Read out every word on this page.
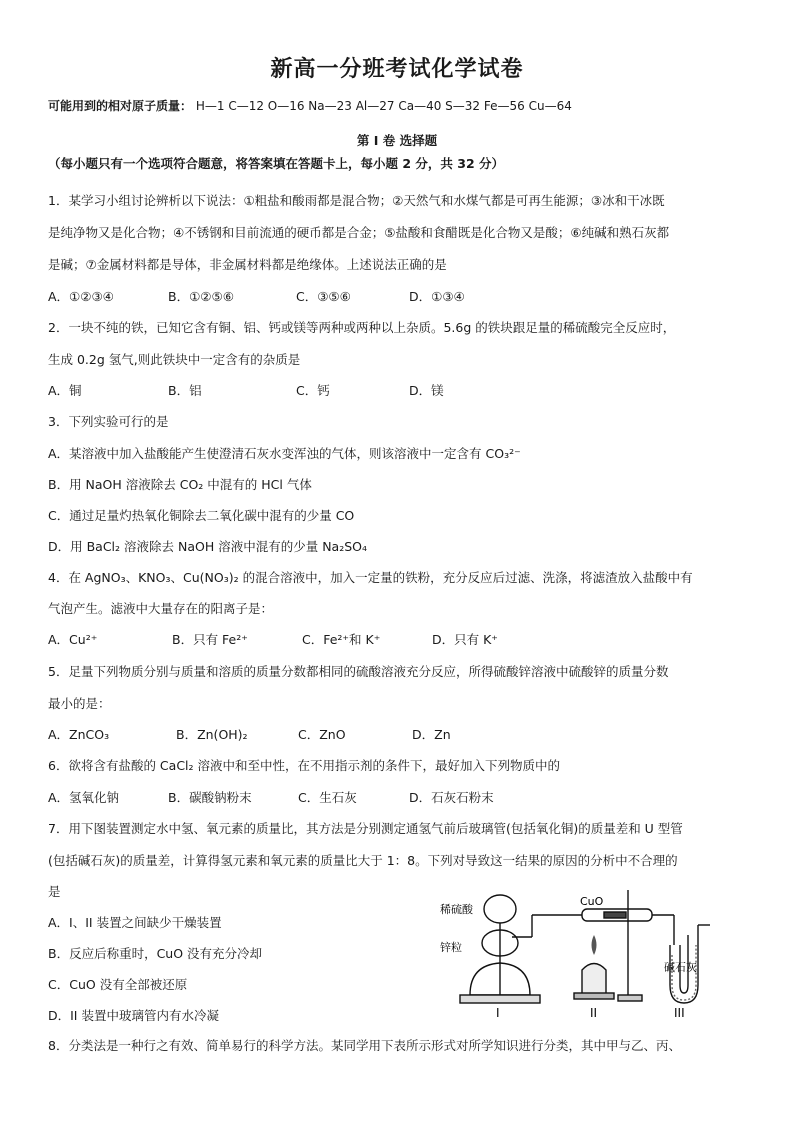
新高一分班考试化学试卷
可能用到的相对原子质量： H—1 C—12 O—16 Na—23 Al—27 Ca—40 S—32 Fe—56 Cu—64
第 I 卷 选择题
（每小题只有一个选项符合题意，将答案填在答题卡上，每小题 2 分，共 32 分）
1．某学习小组讨论辨析以下说法：①粗盐和酸雨都是混合物；②天然气和水煤气都是可再生能源；③冰和干冰既
是纯净物又是化合物；④不锈钢和目前流通的硬币都是合金；⑤盐酸和食醋既是化合物又是酸；⑥纯碱和熟石灰都
是碱；⑦金属材料都是导体，非金属材料都是绝缘体。上述说法正确的是
A．①②③④	B．①②⑤⑥	C．③⑤⑥	D．①③④
2．一块不纯的铁，已知它含有铜、铝、钙或镁等两种或两种以上杂质。5.6g 的铁块跟足量的稀硫酸完全反应时，
生成 0.2g 氢气,则此铁块中一定含有的杂质是
A．铜	B．铝	C．钙	D．镁
3．下列实验可行的是
A．某溶液中加入盐酸能产生使澄清石灰水变浑浊的气体，则该溶液中一定含有 CO₃²⁻
B．用 NaOH 溶液除去 CO₂ 中混有的 HCl 气体
C．通过足量灼热氧化铜除去二氧化碳中混有的少量 CO
D．用 BaCl₂ 溶液除去 NaOH 溶液中混有的少量 Na₂SO₄

4．在 AgNO₃、KNO₃、Cu(NO₃)₂ 的混合溶液中，加入一定量的铁粉，充分反应后过滤、洗涤，将滤渣放入盐酸中有
气泡产生。滤液中大量存在的阳离子是：
A．Cu²⁺	B．只有 Fe²⁺	C．Fe²⁺和 K⁺	D．只有 K⁺
5．足量下列物质分别与质量和溶质的质量分数都相同的硫酸溶液充分反应，所得硫酸锌溶液中硫酸锌的质量分数
最小的是：
A．ZnCO₃	B．Zn(OH)₂	C．ZnO	D．Zn
6．欲将含有盐酸的 CaCl₂ 溶液中和至中性，在不用指示剂的条件下，最好加入下列物质中的
A．氢氧化钠	B．碳酸钠粉末	C．生石灰	D．石灰石粉末
7．用下图装置测定水中氢、氧元素的质量比，其方法是分别测定通氢气前后玻璃管(包括氧化铜)的质量差和 U 型管
(包括碱石灰)的质量差，计算得氢元素和氧元素的质量比大于 1：8。下列对导致这一结果的原因的分析中不合理的
是
A．I、II 装置之间缺少干燥装置
B．反应后称重时，CuO 没有充分冷却
C．CuO 没有全部被还原
D．II 装置中玻璃管内有水冷凝
稀硫酸
锌粒
CuO
碱石灰
I	II	III
8．分类法是一种行之有效、简单易行的科学方法。某同学用下表所示形式对所学知识进行分类，其中甲与乙、丙、
